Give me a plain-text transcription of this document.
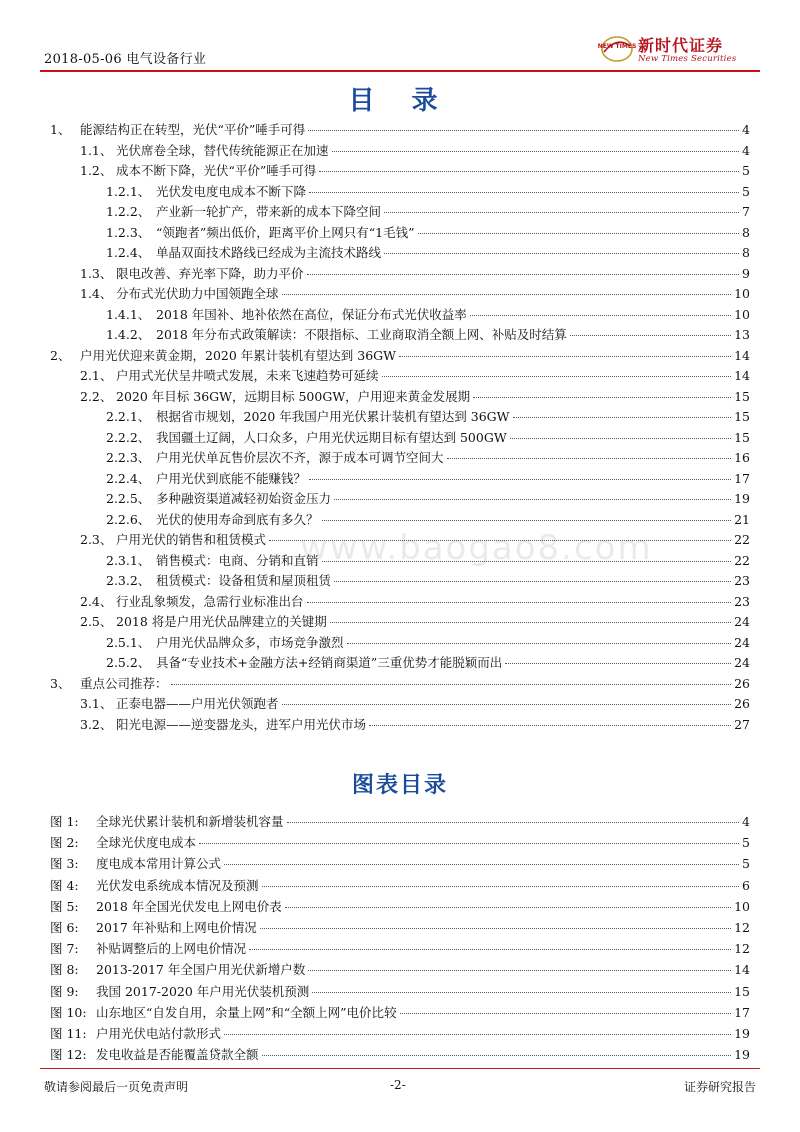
2018-05-06 电气设备行业
NEW TIMES 新时代证券
New Times Securities
目 录
1、 能源结构正在转型，光伏“平价”唾手可得	4
1.1、 光伏席卷全球，替代传统能源正在加速	4
1.2、 成本不断下降，光伏“平价”唾手可得	5
1.2.1、 光伏发电度电成本不断下降	5
1.2.2、 产业新一轮扩产，带来新的成本下降空间	7
1.2.3、 “领跑者”频出低价，距离平价上网只有“1毛钱”	8
1.2.4、 单晶双面技术路线已经成为主流技术路线	8
1.3、 限电改善、弃光率下降，助力平价	9
1.4、 分布式光伏助力中国领跑全球	10
1.4.1、 2018 年国补、地补依然在高位，保证分布式光伏收益率	10
1.4.2、 2018 年分布式政策解读：不限指标、工业商取消全额上网、补贴及时结算	13
2、 户用光伏迎来黄金期，2020 年累计装机有望达到 36GW	14
2.1、 户用式光伏呈井喷式发展，未来飞速趋势可延续	14
2.2、 2020 年目标 36GW，远期目标 500GW，户用迎来黄金发展期	15
2.2.1、 根据省市规划，2020 年我国户用光伏累计装机有望达到 36GW	15
2.2.2、 我国疆土辽阔，人口众多，户用光伏远期目标有望达到 500GW	15
2.2.3、 户用光伏单瓦售价层次不齐，源于成本可调节空间大	16
2.2.4、 户用光伏到底能不能赚钱？	17
2.2.5、 多种融资渠道减轻初始资金压力	19
2.2.6、 光伏的使用寿命到底有多久？	21
2.3、 户用光伏的销售和租赁模式	22
2.3.1、 销售模式：电商、分销和直销	22
2.3.2、 租赁模式：设备租赁和屋顶租赁	23
2.4、 行业乱象频发，急需行业标准出台	23
2.5、 2018 将是户用光伏品牌建立的关键期	24
2.5.1、 户用光伏品牌众多，市场竞争激烈	24
2.5.2、 具备“专业技术+金融方法+经销商渠道”三重优势才能脱颖而出	24
3、 重点公司推荐：	26
3.1、 正泰电器——户用光伏领跑者	26
3.2、 阳光电源——逆变器龙头，进军户用光伏市场	27
www.baogao8.com
图表目录
图 1:	全球光伏累计装机和新增装机容量	4
图 2:	全球光伏度电成本	5
图 3:	度电成本常用计算公式	5
图 4:	光伏发电系统成本情况及预测	6
图 5:	2018 年全国光伏发电上网电价表	10
图 6:	2017 年补贴和上网电价情况	12
图 7:	补贴调整后的上网电价情况	12
图 8:	2013-2017 年全国户用光伏新增户数	14
图 9:	我国 2017-2020 年户用光伏装机预测	15
图 10: 山东地区“自发自用，余量上网”和“全额上网”电价比较	17
图 11: 户用光伏电站付款形式	19
图 12: 发电收益是否能覆盖贷款全额	19
敬请参阅最后一页免责声明	-2-	证券研究报告
